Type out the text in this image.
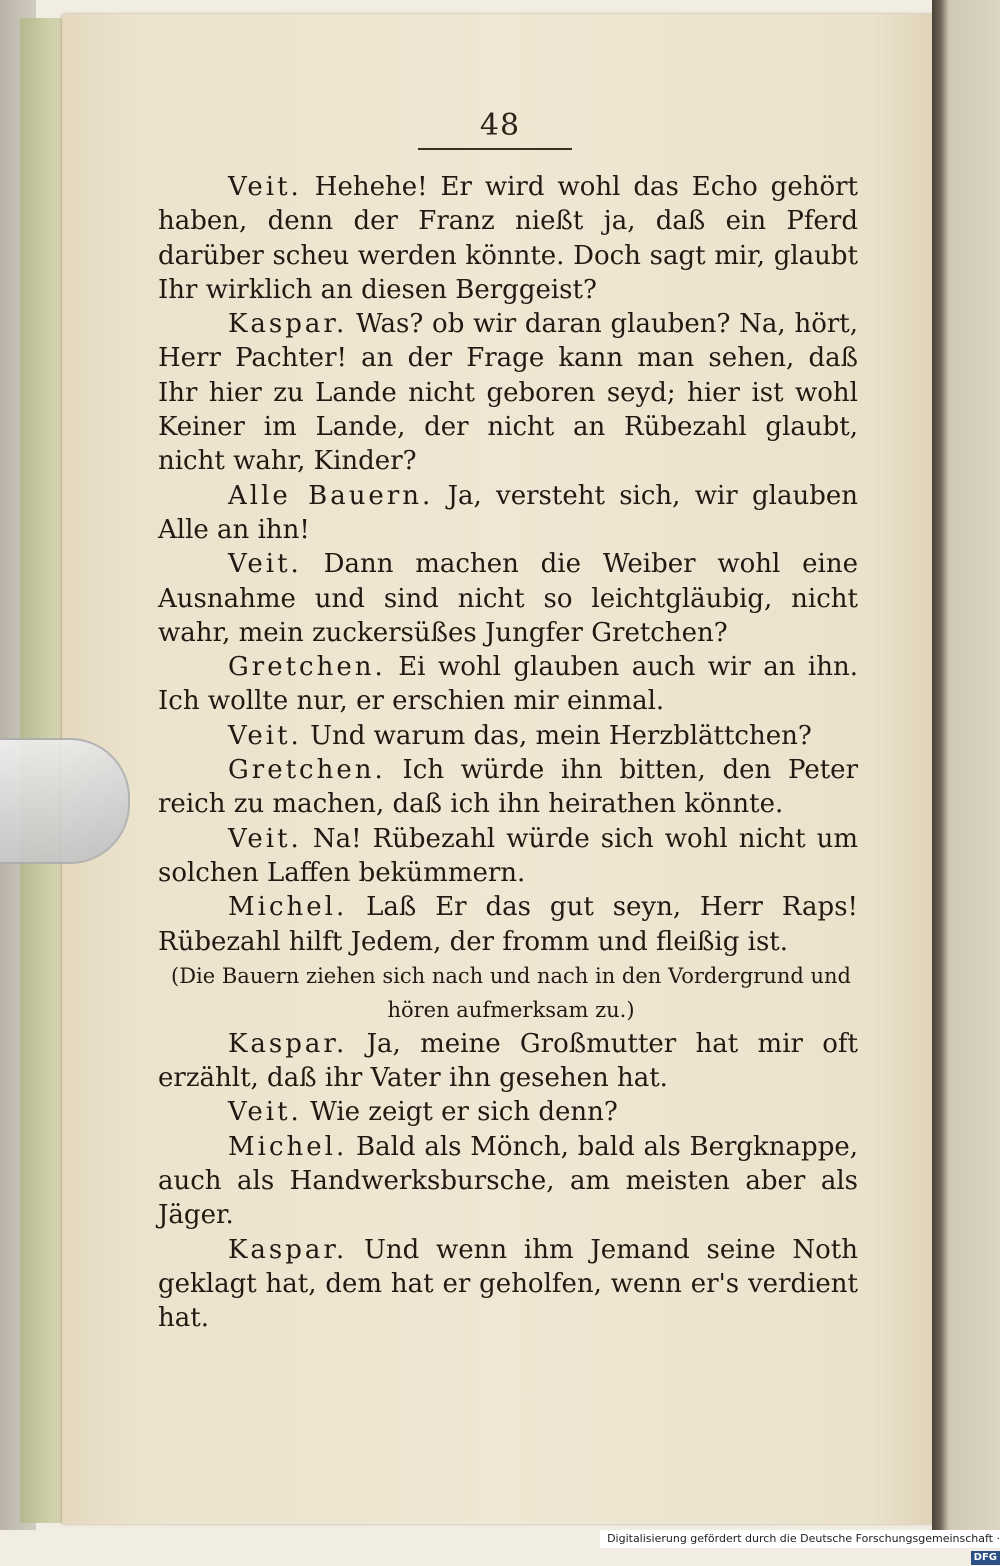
48

Veit. Hehehe! Er wird wohl das Echo gehört haben, denn der Franz nießt ja, daß ein Pferd darüber scheu werden könnte. Doch sagt mir, glaubt Ihr wirklich an diesen Berggeist?

Kaspar. Was? ob wir daran glauben? Na, hört, Herr Pachter! an der Frage kann man sehen, daß Ihr hier zu Lande nicht geboren seyd; hier ist wohl Keiner im Lande, der nicht an Rübezahl glaubt, nicht wahr, Kinder?

Alle Bauern. Ja, versteht sich, wir glauben Alle an ihn!

Veit. Dann machen die Weiber wohl eine Ausnahme und sind nicht so leichtgläubig, nicht wahr, mein zuckersüßes Jungfer Gretchen?

Gretchen. Ei wohl glauben auch wir an ihn. Ich wollte nur, er erschien mir einmal.

Veit. Und warum das, mein Herzblättchen?

Gretchen. Ich würde ihn bitten, den Peter reich zu machen, daß ich ihn heirathen könnte.

Veit. Na! Rübezahl würde sich wohl nicht um solchen Laffen bekümmern.

Michel. Laß Er das gut seyn, Herr Raps! Rübezahl hilft Jedem, der fromm und fleißig ist.

(Die Bauern ziehen sich nach und nach in den Vordergrund und hören aufmerksam zu.)

Kaspar. Ja, meine Großmutter hat mir oft erzählt, daß ihr Vater ihn gesehen hat.

Veit. Wie zeigt er sich denn?

Michel. Bald als Mönch, bald als Bergknappe, auch als Handwerksbursche, am meisten aber als Jäger.

Kaspar. Und wenn ihm Jemand seine Noth geklagt hat, dem hat er geholfen, wenn er's verdient hat.

Digitalisierung gefördert durch die Deutsche Forschungsgemeinschaft · DFG
